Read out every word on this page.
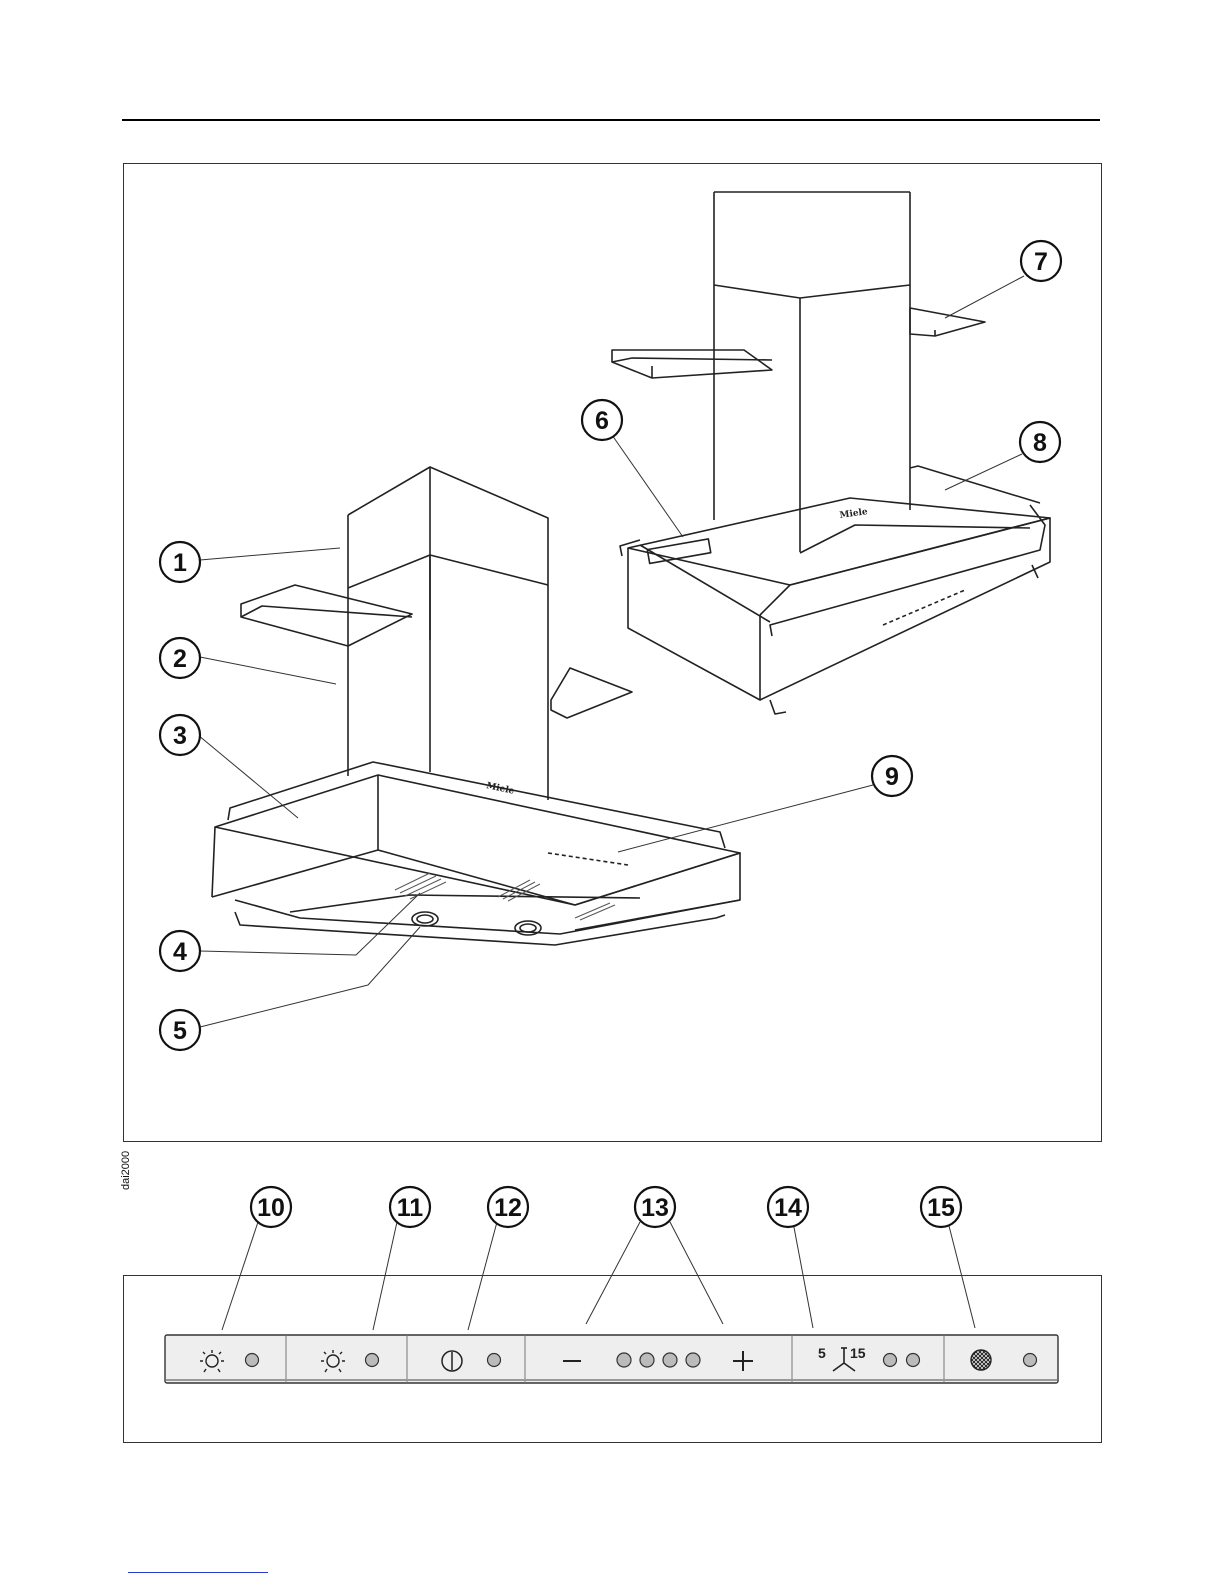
dai2000
Miele
Miele
5 15
1
2
3
4
5
6
7
8
9
10	11	12	13	14	15
